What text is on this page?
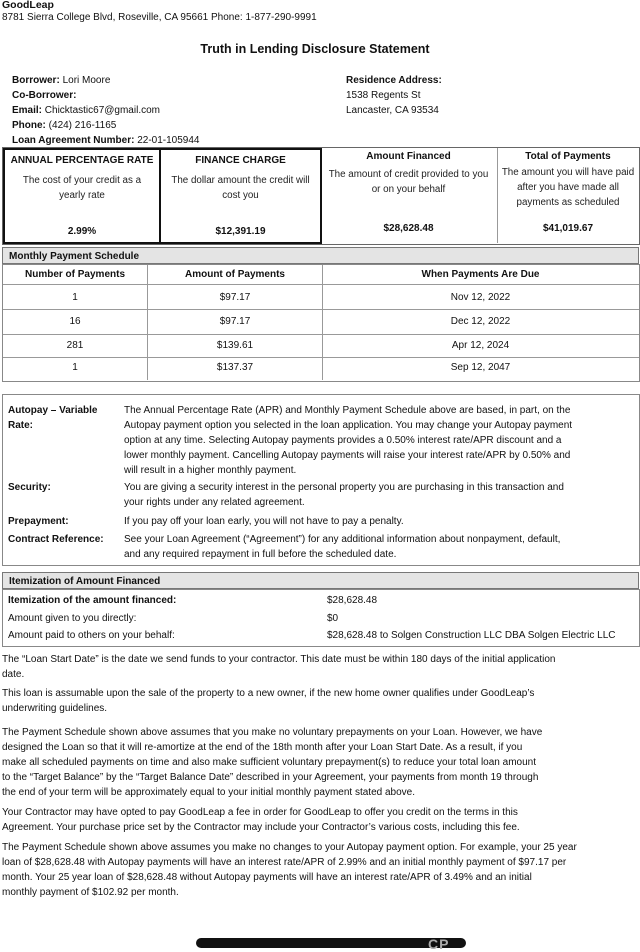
GoodLeap
8781 Sierra College Blvd, Roseville, CA 95661 Phone: 1-877-290-9991
Truth in Lending Disclosure Statement
Borrower: Lori Moore
Co-Borrower:
Email: Chicktastic67@gmail.com
Phone: (424) 216-1165
Loan Agreement Number: 22-01-105944
Residence Address:
1538 Regents St
Lancaster, CA 93534
ANNUAL PERCENTAGE RATE
The cost of your credit as a yearly rate
2.99%
FINANCE CHARGE
The dollar amount the credit will cost you
$12,391.19
Amount Financed
The amount of credit provided to you or on your behalf
$28,628.48
Total of Payments
The amount you will have paid after you have made all payments as scheduled
$41,019.67
Monthly Payment Schedule
Number of Payments	Amount of Payments	When Payments Are Due
1	$97.17	Nov 12, 2022
16	$97.17	Dec 12, 2022
281	$139.61	Apr 12, 2024
1	$137.37	Sep 12, 2047
Autopay – Variable
Rate:
The Annual Percentage Rate (APR) and Monthly Payment Schedule above are based, in part, on the
Autopay payment option you selected in the loan application. You may change your Autopay payment
option at any time. Selecting Autopay payments provides a 0.50% interest rate/APR discount and a
lower monthly payment. Cancelling Autopay payments will raise your interest rate/APR by 0.50% and
will result in a higher monthly payment.
Security:	You are giving a security interest in the personal property you are purchasing in this transaction and
your rights under any related agreement.
Prepayment:	If you pay off your loan early, you will not have to pay a penalty.
Contract Reference:	See your Loan Agreement (“Agreement”) for any additional information about nonpayment, default,
and any required repayment in full before the scheduled date.
Itemization of Amount Financed
Itemization of the amount financed:	$28,628.48
Amount given to you directly:	$0
Amount paid to others on your behalf:	$28,628.48 to Solgen Construction LLC DBA Solgen Electric LLC
The “Loan Start Date” is the date we send funds to your contractor. This date must be within 180 days of the initial application
date.
This loan is assumable upon the sale of the property to a new owner, if the new home owner qualifies under GoodLeap’s
underwriting guidelines.
The Payment Schedule shown above assumes that you make no voluntary prepayments on your Loan. However, we have
designed the Loan so that it will re-amortize at the end of the 18th month after your Loan Start Date. As a result, if you
make all scheduled payments on time and also make sufficient voluntary prepayment(s) to reduce your total loan amount
to the “Target Balance” by the “Target Balance Date” described in your Agreement, your payments from month 19 through
the end of your term will be approximately equal to your initial monthly payment stated above.
Your Contractor may have opted to pay GoodLeap a fee in order for GoodLeap to offer you credit on the terms in this
Agreement. Your purchase price set by the Contractor may include your Contractor’s various costs, including this fee.
The Payment Schedule shown above assumes you make no changes to your Autopay payment option. For example, your 25 year
loan of $28,628.48 with Autopay payments will have an interest rate/APR of 2.99% and an initial monthly payment of $97.17 per
month. Your 25 year loan of $28,628.48 without Autopay payments will have an interest rate/APR of 3.49% and an initial
monthly payment of $102.92 per month.
CP
